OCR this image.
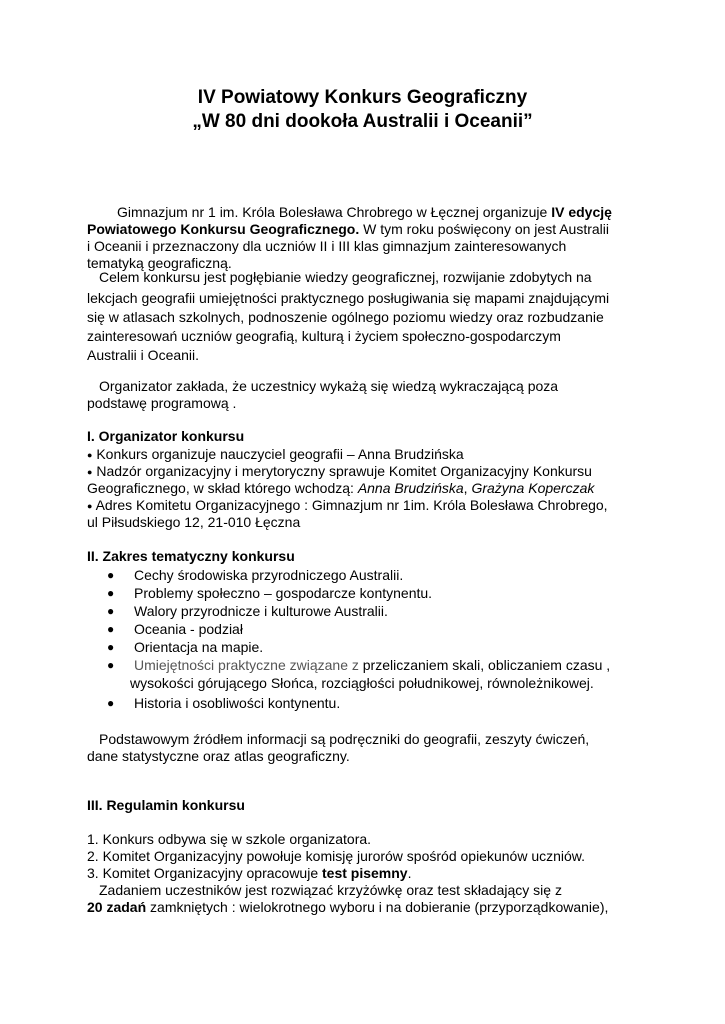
IV Powiatowy Konkurs Geograficzny
„W 80 dni dookoła Australii i Oceanii”
Gimnazjum nr 1 im. Króla Bolesława Chrobrego w Łęcznej organizuje IV edycję
Powiatowego Konkursu Geograficznego. W tym roku poświęcony on jest Australii
i Oceanii i przeznaczony dla uczniów II i III klas gimnazjum zainteresowanych
tematyką geograficzną.
Celem konkursu jest pogłębianie wiedzy geograficznej, rozwijanie zdobytych na
lekcjach geografii umiejętności praktycznego posługiwania się mapami znajdującymi
się w atlasach szkolnych, podnoszenie ogólnego poziomu wiedzy oraz rozbudzanie
zainteresowań uczniów geografią, kulturą i życiem społeczno-gospodarczym
Australii i Oceanii.
Organizator zakłada, że uczestnicy wykażą się wiedzą wykraczającą poza
podstawę programową .
I. Organizator konkursu
● Konkurs organizuje nauczyciel geografii – Anna Brudzińska
● Nadzór organizacyjny i merytoryczny sprawuje Komitet Organizacyjny Konkursu
Geograficznego, w skład którego wchodzą: Anna Brudzińska, Grażyna Koperczak
● Adres Komitetu Organizacyjnego : Gimnazjum nr 1im. Króla Bolesława Chrobrego,
ul Piłsudskiego 12, 21-010 Łęczna
II. Zakres tematyczny konkursu
● Cechy środowiska przyrodniczego Australii.
● Problemy społeczno – gospodarcze kontynentu.
● Walory przyrodnicze i kulturowe Australii.
● Oceania - podział
● Orientacja na mapie.
● Umiejętności praktyczne związane z przeliczaniem skali, obliczaniem czasu ,
wysokości górującego Słońca, rozciągłości południkowej, równoleżnikowej.
● Historia i osobliwości kontynentu.
Podstawowym źródłem informacji są podręczniki do geografii, zeszyty ćwiczeń,
dane statystyczne oraz atlas geograficzny.
III. Regulamin konkursu
1. Konkurs odbywa się w szkole organizatora.
2. Komitet Organizacyjny powołuje komisję jurorów spośród opiekunów uczniów.
3. Komitet Organizacyjny opracowuje test pisemny.
Zadaniem uczestników jest rozwiązać krzyżówkę oraz test składający się z
20 zadań zamkniętych : wielokrotnego wyboru i na dobieranie (przyporządkowanie),
